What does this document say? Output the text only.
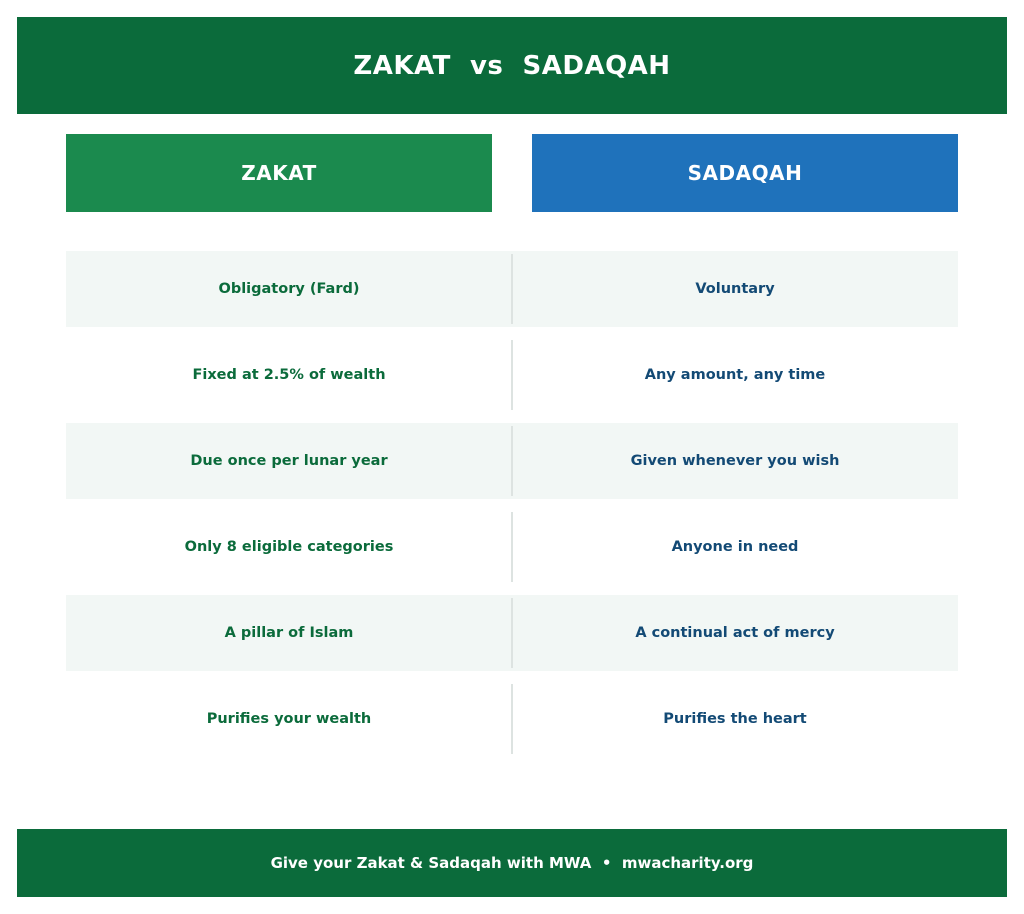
ZAKAT  vs  SADAQAH
ZAKAT	SADAQAH
Obligatory (Fard)	Voluntary
Fixed at 2.5% of wealth	Any amount, any time
Due once per lunar year	Given whenever you wish
Only 8 eligible categories	Anyone in need
A pillar of Islam	A continual act of mercy
Purifies your wealth	Purifies the heart
Give your Zakat & Sadaqah with MWA  •  mwacharity.org
